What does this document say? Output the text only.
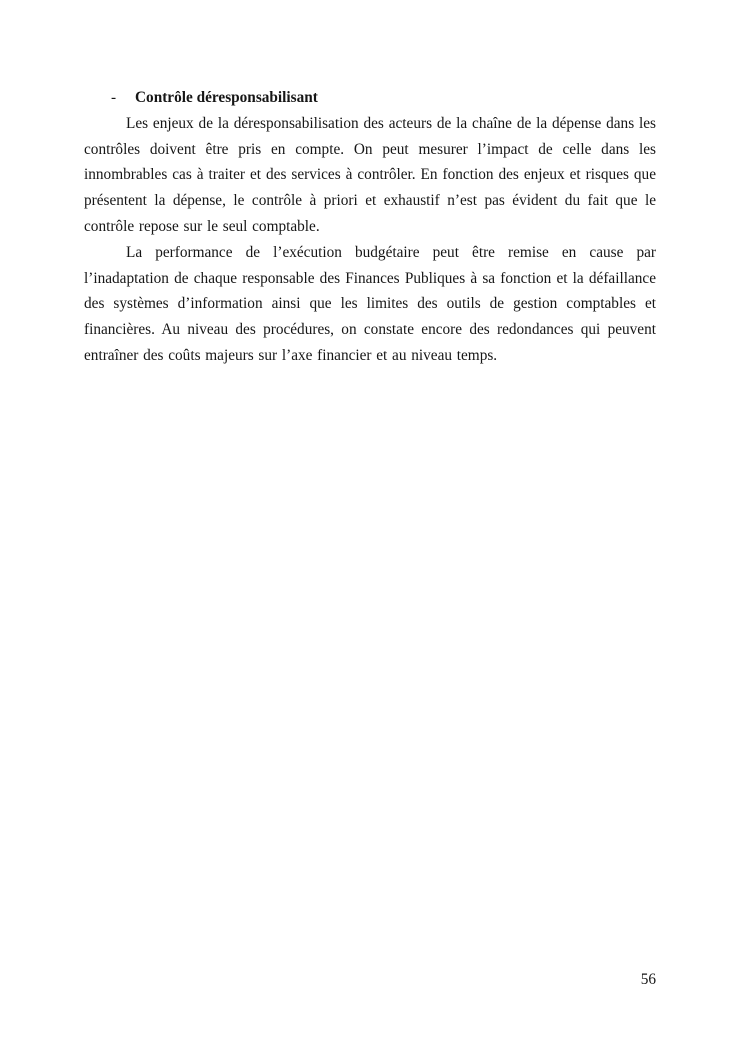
-	Contrôle déresponsabilisant

Les enjeux de la déresponsabilisation des acteurs de la chaîne de la dépense dans les contrôles doivent être pris en compte. On peut mesurer l’impact de celle dans les innombrables cas à traiter et des services à contrôler. En fonction des enjeux et risques que présentent la dépense, le contrôle à priori et exhaustif n’est pas évident du fait que le contrôle repose sur le seul comptable.

La performance de l’exécution budgétaire peut être remise en cause par l’inadaptation de chaque responsable des Finances Publiques à sa fonction et la défaillance des systèmes d’information ainsi que les limites des outils de gestion comptables et financières. Au niveau des procédures, on constate encore des redondances qui peuvent entraîner des coûts majeurs sur l’axe financier et au niveau temps.

56
